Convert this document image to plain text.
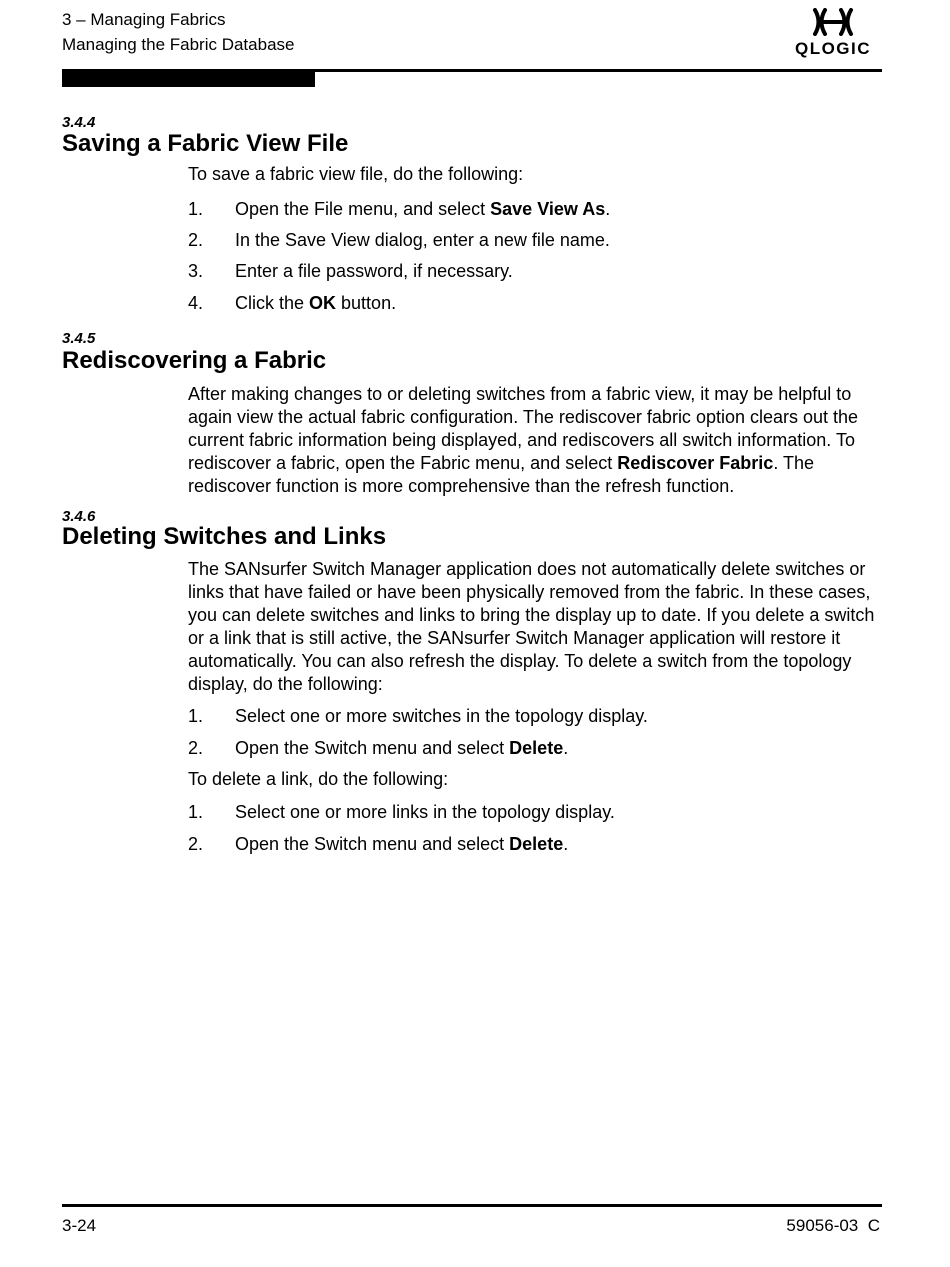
3 – Managing Fabrics
Managing the Fabric Database	QLOGIC
3.4.4
Saving a Fabric View File
To save a fabric view file, do the following:
1. Open the File menu, and select Save View As.
2. In the Save View dialog, enter a new file name.
3. Enter a file password, if necessary.
4. Click the OK button.
3.4.5
Rediscovering a Fabric
After making changes to or deleting switches from a fabric view, it may be helpful to again view the actual fabric configuration. The rediscover fabric option clears out the current fabric information being displayed, and rediscovers all switch information. To rediscover a fabric, open the Fabric menu, and select Rediscover Fabric. The rediscover function is more comprehensive than the refresh function.
3.4.6
Deleting Switches and Links
The SANsurfer Switch Manager application does not automatically delete switches or links that have failed or have been physically removed from the fabric. In these cases, you can delete switches and links to bring the display up to date. If you delete a switch or a link that is still active, the SANsurfer Switch Manager application will restore it automatically. You can also refresh the display. To delete a switch from the topology display, do the following:
1. Select one or more switches in the topology display.
2. Open the Switch menu and select Delete.
To delete a link, do the following:
1. Select one or more links in the topology display.
2. Open the Switch menu and select Delete.
3-24	59056-03  C
